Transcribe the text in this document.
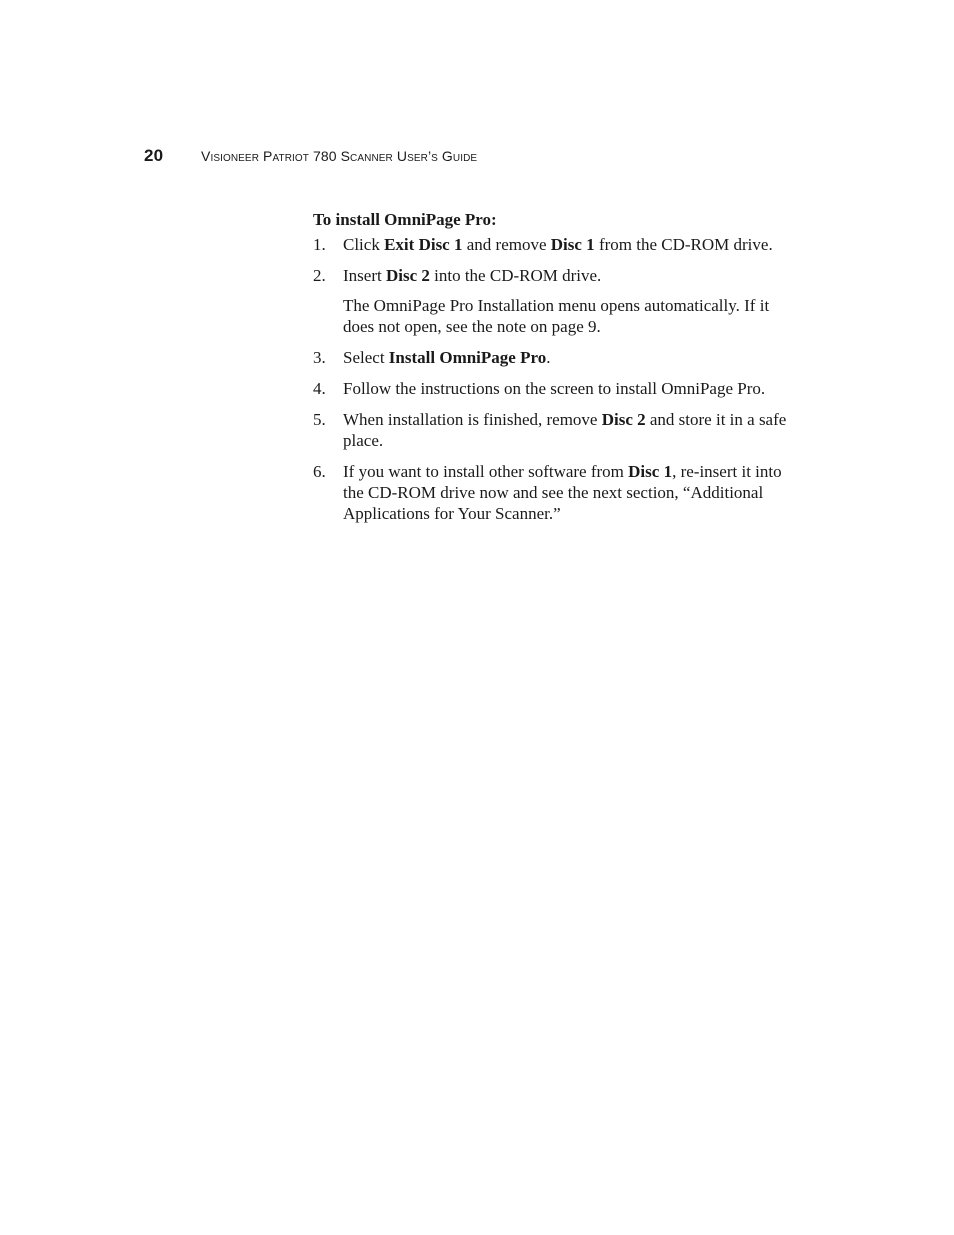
20	Visioneer Patriot 780 Scanner User’s Guide
To install OmniPage Pro:
1. Click Exit Disc 1 and remove Disc 1 from the CD-ROM drive.

2. Insert Disc 2 into the CD-ROM drive.

The OmniPage Pro Installation menu opens automatically. If it does not open, see the note on page 9.

3. Select Install OmniPage Pro.

4. Follow the instructions on the screen to install OmniPage Pro.

5. When installation is finished, remove Disc 2 and store it in a safe place.

6. If you want to install other software from Disc 1, re-insert it into the CD-ROM drive now and see the next section, “Additional Applications for Your Scanner.”
